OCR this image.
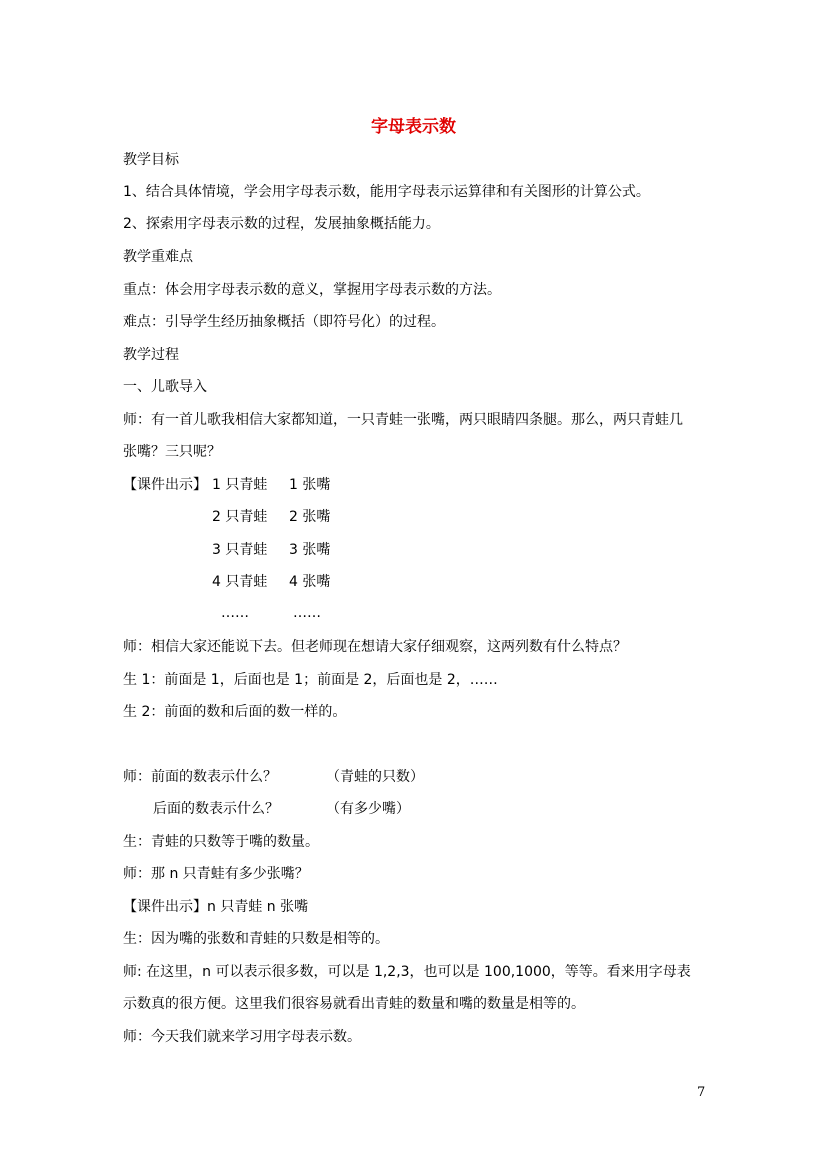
字母表示数
教学目标
1、结合具体情境，学会用字母表示数，能用字母表示运算律和有关图形的计算公式。
2、探索用字母表示数的过程，发展抽象概括能力。
教学重难点
重点：体会用字母表示数的意义，掌握用字母表示数的方法。
难点：引导学生经历抽象概括（即符号化）的过程。
教学过程
一、儿歌导入
师：有一首儿歌我相信大家都知道，一只青蛙一张嘴，两只眼睛四条腿。那么，两只青蛙几
张嘴？三只呢？
【课件出示】 1 只青蛙 1 张嘴
2 只青蛙 2 张嘴
3 只青蛙 3 张嘴
4 只青蛙 4 张嘴
……	……
师：相信大家还能说下去。但老师现在想请大家仔细观察，这两列数有什么特点？
生 1：前面是 1，后面也是 1；前面是 2，后面也是 2，……
生 2：前面的数和后面的数一样的。
师：前面的数表示什么？	（青蛙的只数）
后面的数表示什么？	（有多少嘴）
生：青蛙的只数等于嘴的数量。
师：那 n 只青蛙有多少张嘴？
【课件出示】n 只青蛙 n 张嘴
生：因为嘴的张数和青蛙的只数是相等的。
师: 在这里，n 可以表示很多数，可以是 1,2,3，也可以是 100,1000，等等。看来用字母表
示数真的很方便。这里我们很容易就看出青蛙的数量和嘴的数量是相等的。
师：今天我们就来学习用字母表示数。
7
